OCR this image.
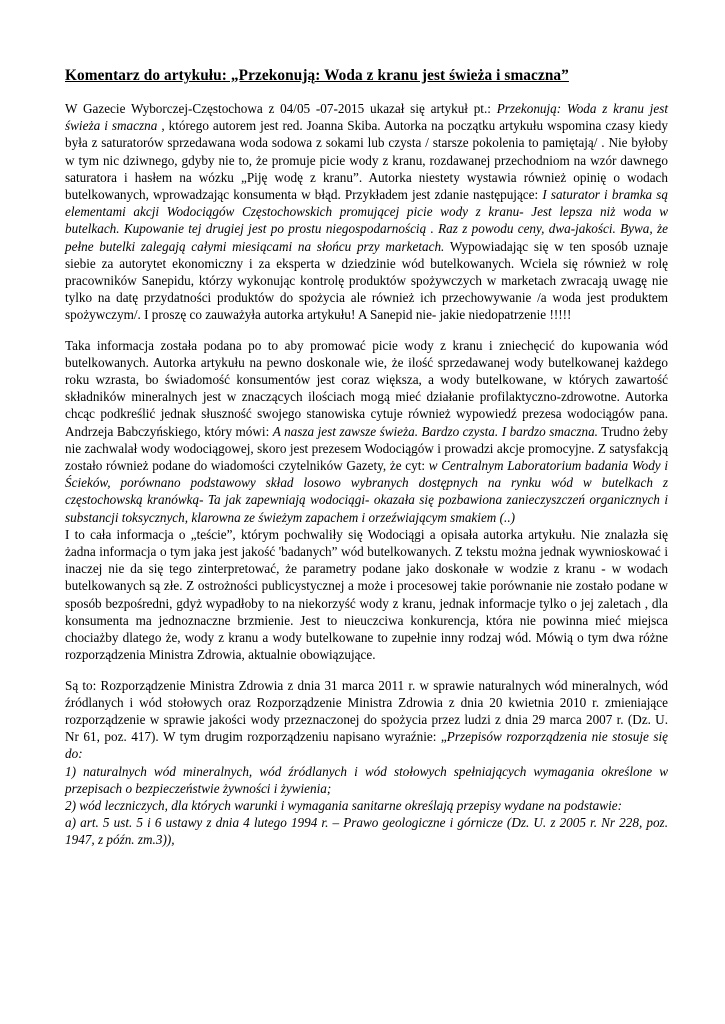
Komentarz do artykułu: „Przekonują: Woda z kranu jest świeża i smaczna”

W Gazecie Wyborczej-Częstochowa z 04/05 -07-2015 ukazał się artykuł pt.: Przekonują: Woda z kranu jest świeża i smaczna , którego autorem jest red. Joanna Skiba. Autorka na początku artykułu wspomina czasy kiedy była z saturatorów sprzedawana woda sodowa z sokami lub czysta / starsze pokolenia to pamiętają/ . Nie byłoby w tym nic dziwnego, gdyby nie to, że promuje picie wody z kranu, rozdawanej przechodniom na wzór dawnego saturatora i hasłem na wózku „Piję wodę z kranu”. Autorka niestety wystawia również opinię o wodach butelkowanych, wprowadzając konsumenta w błąd. Przykładem jest zdanie następujące: I saturator i bramka są elementami akcji Wodociągów Częstochowskich promującej picie wody z kranu- Jest lepsza niż woda w butelkach. Kupowanie tej drugiej jest po prostu niegospodarnością . Raz z powodu ceny, dwa-jakości. Bywa, że pełne butelki zalegają całymi miesiącami na słońcu przy marketach. Wypowiadając się w ten sposób uznaje siebie za autorytet ekonomiczny i za eksperta w dziedzinie wód butelkowanych. Wciela się również w rolę pracowników Sanepidu, którzy wykonując kontrolę produktów spożywczych w marketach zwracają uwagę nie tylko na datę przydatności produktów do spożycia ale również ich przechowywanie /a woda jest produktem spożywczym/. I proszę co zauważyła autorka artykułu! A Sanepid nie- jakie niedopatrzenie !!!!!

Taka informacja została podana po to aby promować picie wody z kranu i zniechęcić do kupowania wód butelkowanych. Autorka artykułu na pewno doskonale wie, że ilość sprzedawanej wody butelkowanej każdego roku wzrasta, bo świadomość konsumentów jest coraz większa, a wody butelkowane, w których zawartość składników mineralnych jest w znaczących ilościach mogą mieć działanie profilaktyczno-zdrowotne. Autorka chcąc podkreślić jednak słuszność swojego stanowiska cytuje również wypowiedź prezesa wodociągów pana. Andrzeja Babczyńskiego, który mówi: A nasza jest zawsze świeża. Bardzo czysta. I bardzo smaczna. Trudno żeby nie zachwalał wody wodociągowej, skoro jest prezesem Wodociągów i prowadzi akcje promocyjne. Z satysfakcją zostało również podane do wiadomości czytelników Gazety, że cyt: w Centralnym Laboratorium badania Wody i Ścieków, porównano podstawowy skład losowo wybranych dostępnych na rynku wód w butelkach z częstochowską kranówką- Ta jak zapewniają wodociągi- okazała się pozbawiona zanieczyszczeń organicznych i substancji toksycznych, klarowna ze świeżym zapachem i orzeźwiającym smakiem (..)

I to cała informacja o „teście”, którym pochwaliły się Wodociągi a opisała autorka artykułu. Nie znalazła się żadna informacja o tym jaka jest jakość 'badanych” wód butelkowanych. Z tekstu można jednak wywnioskować i inaczej nie da się tego zinterpretować, że parametry podane jako doskonałe w wodzie z kranu - w wodach butelkowanych są złe. Z ostrożności publicystycznej a może i procesowej takie porównanie nie zostało podane w sposób bezpośredni, gdyż wypadłoby to na niekorzyść wody z kranu, jednak informacje tylko o jej zaletach , dla konsumenta ma jednoznaczne brzmienie. Jest to nieuczciwa konkurencja, która nie powinna mieć miejsca chociażby dlatego że, wody z kranu a wody butelkowane to zupełnie inny rodzaj wód. Mówią o tym dwa różne rozporządzenia Ministra Zdrowia, aktualnie obowiązujące.

Są to: Rozporządzenie Ministra Zdrowia z dnia 31 marca 2011 r. w sprawie naturalnych wód mineralnych, wód źródlanych i wód stołowych oraz Rozporządzenie Ministra Zdrowia z dnia 20 kwietnia 2010 r. zmieniające rozporządzenie w sprawie jakości wody przeznaczonej do spożycia przez ludzi z dnia 29 marca 2007 r. (Dz. U. Nr 61, poz. 417). W tym drugim rozporządzeniu napisano wyraźnie: „Przepisów rozporządzenia nie stosuje się do:

1) naturalnych wód mineralnych, wód źródlanych i wód stołowych spełniających wymagania określone w przepisach o bezpieczeństwie żywności i żywienia;

2) wód leczniczych, dla których warunki i wymagania sanitarne określają przepisy wydane na podstawie:

a) art. 5 ust. 5 i 6 ustawy z dnia 4 lutego 1994 r. – Prawo geologiczne i górnicze (Dz. U. z 2005 r. Nr 228, poz. 1947, z późn. zm.3)),
